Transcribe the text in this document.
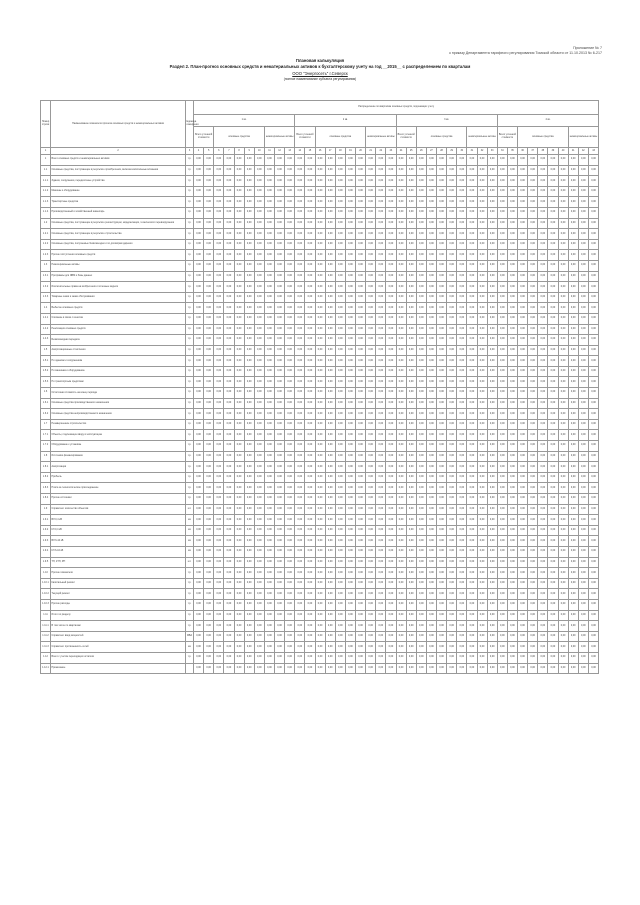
Приложение № 7
к приказу Департамента тарифного регулирования Томской области от 11.10.2013 № 6-217
Плановая калькуляция
Раздел 2. План-прогноз основных средств и нематериальных активов к бухгалтерскому учету на год __2015__ с распределением по кварталам
ООО "Энергосеть" г.Северск
(полное наименование субъекта регулирования)
Номер строки	Наименование показателя прогноза основных средств и нематериальных активов	Единица измерения	Распределение по кварталам основных средств, подлежащих учету																																							
			1 кв.										2 кв.										3 кв.										4 кв.									
			Всего учтенной стоимости		основные средства					нематериальные активы			Всего учтенной стоимости		основные средства					нематериальные активы			Всего учтенной стоимости		основные средства					нематериальные активы			Всего учтенной стоимости		основные средства					нематериальные активы		
1	2	3	4	5	6	7	8	9	10	11	12	13	14	15	16	17	18	19	20	21	22	23	24	25	26	27	28	29	30	31	32	33	34	35	36	37	38	39	40	41	42	43
1	Всего основных средств и нематериальных активов	т.р.	0,00	0,00	0,00	0,00	0,00	0,00	0,00	0,00	0,00	0,00	0,00	0,00	0,00	0,00	0,00	0,00	0,00	0,00	0,00	0,00	0,00	0,00	0,00	0,00	0,00	0,00	0,00	0,00	0,00	0,00	0,00	0,00	0,00	0,00	0,00	0,00	0,00	0,00	0,00	0,00
1.1	Основные средства, поступающие в результате приобретения, включая капитальные вложения	т.р.	0,00	0,00	0,00	0,00	0,00	0,00	0,00	0,00	0,00	0,00	0,00	0,00	0,00	0,00	0,00	0,00	0,00	0,00	0,00	0,00	0,00	0,00	0,00	0,00	0,00	0,00	0,00	0,00	0,00	0,00	0,00	0,00	0,00	0,00	0,00	0,00	0,00	0,00	0,00	0,00
1.1.1	Здания, сооружения, передаточные устройства	т.р.	0,00	0,00	0,00	0,00	0,00	0,00	0,00	0,00	0,00	0,00	0,00	0,00	0,00	0,00	0,00	0,00	0,00	0,00	0,00	0,00	0,00	0,00	0,00	0,00	0,00	0,00	0,00	0,00	0,00	0,00	0,00	0,00	0,00	0,00	0,00	0,00	0,00	0,00	0,00	0,00
1.1.2	Машины и оборудование	т.р.	0,00	0,00	0,00	0,00	0,00	0,00	0,00	0,00	0,00	0,00	0,00	0,00	0,00	0,00	0,00	0,00	0,00	0,00	0,00	0,00	0,00	0,00	0,00	0,00	0,00	0,00	0,00	0,00	0,00	0,00	0,00	0,00	0,00	0,00	0,00	0,00	0,00	0,00	0,00	0,00
1.1.3	Транспортные средства	т.р.	0,00	0,00	0,00	0,00	0,00	0,00	0,00	0,00	0,00	0,00	0,00	0,00	0,00	0,00	0,00	0,00	0,00	0,00	0,00	0,00	0,00	0,00	0,00	0,00	0,00	0,00	0,00	0,00	0,00	0,00	0,00	0,00	0,00	0,00	0,00	0,00	0,00	0,00	0,00	0,00
1.1.4	Производственный и хозяйственный инвентарь	т.р.	0,00	0,00	0,00	0,00	0,00	0,00	0,00	0,00	0,00	0,00	0,00	0,00	0,00	0,00	0,00	0,00	0,00	0,00	0,00	0,00	0,00	0,00	0,00	0,00	0,00	0,00	0,00	0,00	0,00	0,00	0,00	0,00	0,00	0,00	0,00	0,00	0,00	0,00	0,00	0,00
1.2	Основные средства, поступающие в результате реконструкции, модернизации, технического перевооружения	т.р.	0,00	0,00	0,00	0,00	0,00	0,00	0,00	0,00	0,00	0,00	0,00	0,00	0,00	0,00	0,00	0,00	0,00	0,00	0,00	0,00	0,00	0,00	0,00	0,00	0,00	0,00	0,00	0,00	0,00	0,00	0,00	0,00	0,00	0,00	0,00	0,00	0,00	0,00	0,00	0,00
1.2.1	Основные средства, поступающие в результате строительства	т.р.	0,00	0,00	0,00	0,00	0,00	0,00	0,00	0,00	0,00	0,00	0,00	0,00	0,00	0,00	0,00	0,00	0,00	0,00	0,00	0,00	0,00	0,00	0,00	0,00	0,00	0,00	0,00	0,00	0,00	0,00	0,00	0,00	0,00	0,00	0,00	0,00	0,00	0,00	0,00	0,00
1.2.2	Основные средства, получаемые безвозмездно и по договорам дарения	т.р.	0,00	0,00	0,00	0,00	0,00	0,00	0,00	0,00	0,00	0,00	0,00	0,00	0,00	0,00	0,00	0,00	0,00	0,00	0,00	0,00	0,00	0,00	0,00	0,00	0,00	0,00	0,00	0,00	0,00	0,00	0,00	0,00	0,00	0,00	0,00	0,00	0,00	0,00	0,00	0,00
1.2.3	Прочие поступления основных средств	т.р.	0,00	0,00	0,00	0,00	0,00	0,00	0,00	0,00	0,00	0,00	0,00	0,00	0,00	0,00	0,00	0,00	0,00	0,00	0,00	0,00	0,00	0,00	0,00	0,00	0,00	0,00	0,00	0,00	0,00	0,00	0,00	0,00	0,00	0,00	0,00	0,00	0,00	0,00	0,00	0,00
1.3	Нематериальные активы	т.р.	0,00	0,00	0,00	0,00	0,00	0,00	0,00	0,00	0,00	0,00	0,00	0,00	0,00	0,00	0,00	0,00	0,00	0,00	0,00	0,00	0,00	0,00	0,00	0,00	0,00	0,00	0,00	0,00	0,00	0,00	0,00	0,00	0,00	0,00	0,00	0,00	0,00	0,00	0,00	0,00
1.3.1	Программы для ЭВМ и базы данных	т.р.	0,00	0,00	0,00	0,00	0,00	0,00	0,00	0,00	0,00	0,00	0,00	0,00	0,00	0,00	0,00	0,00	0,00	0,00	0,00	0,00	0,00	0,00	0,00	0,00	0,00	0,00	0,00	0,00	0,00	0,00	0,00	0,00	0,00	0,00	0,00	0,00	0,00	0,00	0,00	0,00
1.3.2	Исключительные права на изобретения и полезные модели	т.р.	0,00	0,00	0,00	0,00	0,00	0,00	0,00	0,00	0,00	0,00	0,00	0,00	0,00	0,00	0,00	0,00	0,00	0,00	0,00	0,00	0,00	0,00	0,00	0,00	0,00	0,00	0,00	0,00	0,00	0,00	0,00	0,00	0,00	0,00	0,00	0,00	0,00	0,00	0,00	0,00
1.3.3	Товарные знаки и знаки обслуживания	т.р.	0,00	0,00	0,00	0,00	0,00	0,00	0,00	0,00	0,00	0,00	0,00	0,00	0,00	0,00	0,00	0,00	0,00	0,00	0,00	0,00	0,00	0,00	0,00	0,00	0,00	0,00	0,00	0,00	0,00	0,00	0,00	0,00	0,00	0,00	0,00	0,00	0,00	0,00	0,00	0,00
1.4	Выбытие основных средств	т.р.	0,00	0,00	0,00	0,00	0,00	0,00	0,00	0,00	0,00	0,00	0,00	0,00	0,00	0,00	0,00	0,00	0,00	0,00	0,00	0,00	0,00	0,00	0,00	0,00	0,00	0,00	0,00	0,00	0,00	0,00	0,00	0,00	0,00	0,00	0,00	0,00	0,00	0,00	0,00	0,00
1.4.1	Списание в связи с износом	т.р.	0,00	0,00	0,00	0,00	0,00	0,00	0,00	0,00	0,00	0,00	0,00	0,00	0,00	0,00	0,00	0,00	0,00	0,00	0,00	0,00	0,00	0,00	0,00	0,00	0,00	0,00	0,00	0,00	0,00	0,00	0,00	0,00	0,00	0,00	0,00	0,00	0,00	0,00	0,00	0,00
1.4.2	Реализация основных средств	т.р.	0,00	0,00	0,00	0,00	0,00	0,00	0,00	0,00	0,00	0,00	0,00	0,00	0,00	0,00	0,00	0,00	0,00	0,00	0,00	0,00	0,00	0,00	0,00	0,00	0,00	0,00	0,00	0,00	0,00	0,00	0,00	0,00	0,00	0,00	0,00	0,00	0,00	0,00	0,00	0,00
1.4.3	Безвозмездная передача	т.р.	0,00	0,00	0,00	0,00	0,00	0,00	0,00	0,00	0,00	0,00	0,00	0,00	0,00	0,00	0,00	0,00	0,00	0,00	0,00	0,00	0,00	0,00	0,00	0,00	0,00	0,00	0,00	0,00	0,00	0,00	0,00	0,00	0,00	0,00	0,00	0,00	0,00	0,00	0,00	0,00
1.5	Амортизационные отчисления	т.р.	0,00	0,00	0,00	0,00	0,00	0,00	0,00	0,00	0,00	0,00	0,00	0,00	0,00	0,00	0,00	0,00	0,00	0,00	0,00	0,00	0,00	0,00	0,00	0,00	0,00	0,00	0,00	0,00	0,00	0,00	0,00	0,00	0,00	0,00	0,00	0,00	0,00	0,00	0,00	0,00
1.5.1	По зданиям и сооружениям	т.р.	0,00	0,00	0,00	0,00	0,00	0,00	0,00	0,00	0,00	0,00	0,00	0,00	0,00	0,00	0,00	0,00	0,00	0,00	0,00	0,00	0,00	0,00	0,00	0,00	0,00	0,00	0,00	0,00	0,00	0,00	0,00	0,00	0,00	0,00	0,00	0,00	0,00	0,00	0,00	0,00
1.5.2	По машинам и оборудованию	т.р.	0,00	0,00	0,00	0,00	0,00	0,00	0,00	0,00	0,00	0,00	0,00	0,00	0,00	0,00	0,00	0,00	0,00	0,00	0,00	0,00	0,00	0,00	0,00	0,00	0,00	0,00	0,00	0,00	0,00	0,00	0,00	0,00	0,00	0,00	0,00	0,00	0,00	0,00	0,00	0,00
1.5.3	По транспортным средствам	т.р.	0,00	0,00	0,00	0,00	0,00	0,00	0,00	0,00	0,00	0,00	0,00	0,00	0,00	0,00	0,00	0,00	0,00	0,00	0,00	0,00	0,00	0,00	0,00	0,00	0,00	0,00	0,00	0,00	0,00	0,00	0,00	0,00	0,00	0,00	0,00	0,00	0,00	0,00	0,00	0,00
1.6	Остаточная стоимость на конец периода	т.р.	0,00	0,00	0,00	0,00	0,00	0,00	0,00	0,00	0,00	0,00	0,00	0,00	0,00	0,00	0,00	0,00	0,00	0,00	0,00	0,00	0,00	0,00	0,00	0,00	0,00	0,00	0,00	0,00	0,00	0,00	0,00	0,00	0,00	0,00	0,00	0,00	0,00	0,00	0,00	0,00
1.6.1	Основные средства производственного назначения	т.р.	0,00	0,00	0,00	0,00	0,00	0,00	0,00	0,00	0,00	0,00	0,00	0,00	0,00	0,00	0,00	0,00	0,00	0,00	0,00	0,00	0,00	0,00	0,00	0,00	0,00	0,00	0,00	0,00	0,00	0,00	0,00	0,00	0,00	0,00	0,00	0,00	0,00	0,00	0,00	0,00
1.6.2	Основные средства непроизводственного назначения	т.р.	0,00	0,00	0,00	0,00	0,00	0,00	0,00	0,00	0,00	0,00	0,00	0,00	0,00	0,00	0,00	0,00	0,00	0,00	0,00	0,00	0,00	0,00	0,00	0,00	0,00	0,00	0,00	0,00	0,00	0,00	0,00	0,00	0,00	0,00	0,00	0,00	0,00	0,00	0,00	0,00
1.7	Незавершенное строительство	т.р.	0,00	0,00	0,00	0,00	0,00	0,00	0,00	0,00	0,00	0,00	0,00	0,00	0,00	0,00	0,00	0,00	0,00	0,00	0,00	0,00	0,00	0,00	0,00	0,00	0,00	0,00	0,00	0,00	0,00	0,00	0,00	0,00	0,00	0,00	0,00	0,00	0,00	0,00	0,00	0,00
1.7.1	Объекты, подлежащие вводу в эксплуатацию	т.р.	0,00	0,00	0,00	0,00	0,00	0,00	0,00	0,00	0,00	0,00	0,00	0,00	0,00	0,00	0,00	0,00	0,00	0,00	0,00	0,00	0,00	0,00	0,00	0,00	0,00	0,00	0,00	0,00	0,00	0,00	0,00	0,00	0,00	0,00	0,00	0,00	0,00	0,00	0,00	0,00
1.7.2	Оборудование к установке	т.р.	0,00	0,00	0,00	0,00	0,00	0,00	0,00	0,00	0,00	0,00	0,00	0,00	0,00	0,00	0,00	0,00	0,00	0,00	0,00	0,00	0,00	0,00	0,00	0,00	0,00	0,00	0,00	0,00	0,00	0,00	0,00	0,00	0,00	0,00	0,00	0,00	0,00	0,00	0,00	0,00
1.8	Источники финансирования	т.р.	0,00	0,00	0,00	0,00	0,00	0,00	0,00	0,00	0,00	0,00	0,00	0,00	0,00	0,00	0,00	0,00	0,00	0,00	0,00	0,00	0,00	0,00	0,00	0,00	0,00	0,00	0,00	0,00	0,00	0,00	0,00	0,00	0,00	0,00	0,00	0,00	0,00	0,00	0,00	0,00
1.8.1	Амортизация	т.р.	0,00	0,00	0,00	0,00	0,00	0,00	0,00	0,00	0,00	0,00	0,00	0,00	0,00	0,00	0,00	0,00	0,00	0,00	0,00	0,00	0,00	0,00	0,00	0,00	0,00	0,00	0,00	0,00	0,00	0,00	0,00	0,00	0,00	0,00	0,00	0,00	0,00	0,00	0,00	0,00
1.8.2	Прибыль	т.р.	0,00	0,00	0,00	0,00	0,00	0,00	0,00	0,00	0,00	0,00	0,00	0,00	0,00	0,00	0,00	0,00	0,00	0,00	0,00	0,00	0,00	0,00	0,00	0,00	0,00	0,00	0,00	0,00	0,00	0,00	0,00	0,00	0,00	0,00	0,00	0,00	0,00	0,00	0,00	0,00
1.8.3	Плата за технологическое присоединение	т.р.	0,00	0,00	0,00	0,00	0,00	0,00	0,00	0,00	0,00	0,00	0,00	0,00	0,00	0,00	0,00	0,00	0,00	0,00	0,00	0,00	0,00	0,00	0,00	0,00	0,00	0,00	0,00	0,00	0,00	0,00	0,00	0,00	0,00	0,00	0,00	0,00	0,00	0,00	0,00	0,00
1.8.4	Прочие источники	т.р.	0,00	0,00	0,00	0,00	0,00	0,00	0,00	0,00	0,00	0,00	0,00	0,00	0,00	0,00	0,00	0,00	0,00	0,00	0,00	0,00	0,00	0,00	0,00	0,00	0,00	0,00	0,00	0,00	0,00	0,00	0,00	0,00	0,00	0,00	0,00	0,00	0,00	0,00	0,00	0,00
1.9	Справочно: количество объектов	шт.	0,00	0,00	0,00	0,00	0,00	0,00	0,00	0,00	0,00	0,00	0,00	0,00	0,00	0,00	0,00	0,00	0,00	0,00	0,00	0,00	0,00	0,00	0,00	0,00	0,00	0,00	0,00	0,00	0,00	0,00	0,00	0,00	0,00	0,00	0,00	0,00	0,00	0,00	0,00	0,00
1.9.1	ВЛ 0,4 кВ	км	0,00	0,00	0,00	0,00	0,00	0,00	0,00	0,00	0,00	0,00	0,00	0,00	0,00	0,00	0,00	0,00	0,00	0,00	0,00	0,00	0,00	0,00	0,00	0,00	0,00	0,00	0,00	0,00	0,00	0,00	0,00	0,00	0,00	0,00	0,00	0,00	0,00	0,00	0,00	0,00
1.9.2	КЛ 0,4 кВ	км	0,00	0,00	0,00	0,00	0,00	0,00	0,00	0,00	0,00	0,00	0,00	0,00	0,00	0,00	0,00	0,00	0,00	0,00	0,00	0,00	0,00	0,00	0,00	0,00	0,00	0,00	0,00	0,00	0,00	0,00	0,00	0,00	0,00	0,00	0,00	0,00	0,00	0,00	0,00	0,00
1.9.3	ВЛ 6-10 кВ	км	0,00	0,00	0,00	0,00	0,00	0,00	0,00	0,00	0,00	0,00	0,00	0,00	0,00	0,00	0,00	0,00	0,00	0,00	0,00	0,00	0,00	0,00	0,00	0,00	0,00	0,00	0,00	0,00	0,00	0,00	0,00	0,00	0,00	0,00	0,00	0,00	0,00	0,00	0,00	0,00
1.9.4	КЛ 6-10 кВ	км	0,00	0,00	0,00	0,00	0,00	0,00	0,00	0,00	0,00	0,00	0,00	0,00	0,00	0,00	0,00	0,00	0,00	0,00	0,00	0,00	0,00	0,00	0,00	0,00	0,00	0,00	0,00	0,00	0,00	0,00	0,00	0,00	0,00	0,00	0,00	0,00	0,00	0,00	0,00	0,00
1.9.5	ТП, КТП, РП	шт.	0,00	0,00	0,00	0,00	0,00	0,00	0,00	0,00	0,00	0,00	0,00	0,00	0,00	0,00	0,00	0,00	0,00	0,00	0,00	0,00	0,00	0,00	0,00	0,00	0,00	0,00	0,00	0,00	0,00	0,00	0,00	0,00	0,00	0,00	0,00	0,00	0,00	0,00	0,00	0,00
1.10	Прочие показатели	т.р.	0,00	0,00	0,00	0,00	0,00	0,00	0,00	0,00	0,00	0,00	0,00	0,00	0,00	0,00	0,00	0,00	0,00	0,00	0,00	0,00	0,00	0,00	0,00	0,00	0,00	0,00	0,00	0,00	0,00	0,00	0,00	0,00	0,00	0,00	0,00	0,00	0,00	0,00	0,00	0,00
1.10.1	Капитальный ремонт	т.р.	0,00	0,00	0,00	0,00	0,00	0,00	0,00	0,00	0,00	0,00	0,00	0,00	0,00	0,00	0,00	0,00	0,00	0,00	0,00	0,00	0,00	0,00	0,00	0,00	0,00	0,00	0,00	0,00	0,00	0,00	0,00	0,00	0,00	0,00	0,00	0,00	0,00	0,00	0,00	0,00
1.10.2	Текущий ремонт	т.р.	0,00	0,00	0,00	0,00	0,00	0,00	0,00	0,00	0,00	0,00	0,00	0,00	0,00	0,00	0,00	0,00	0,00	0,00	0,00	0,00	0,00	0,00	0,00	0,00	0,00	0,00	0,00	0,00	0,00	0,00	0,00	0,00	0,00	0,00	0,00	0,00	0,00	0,00	0,00	0,00
1.10.3	Прочие расходы	т.р.	0,00	0,00	0,00	0,00	0,00	0,00	0,00	0,00	0,00	0,00	0,00	0,00	0,00	0,00	0,00	0,00	0,00	0,00	0,00	0,00	0,00	0,00	0,00	0,00	0,00	0,00	0,00	0,00	0,00	0,00	0,00	0,00	0,00	0,00	0,00	0,00	0,00	0,00	0,00	0,00
1.11	Итого по разделу	т.р.	0,00	0,00	0,00	0,00	0,00	0,00	0,00	0,00	0,00	0,00	0,00	0,00	0,00	0,00	0,00	0,00	0,00	0,00	0,00	0,00	0,00	0,00	0,00	0,00	0,00	0,00	0,00	0,00	0,00	0,00	0,00	0,00	0,00	0,00	0,00	0,00	0,00	0,00	0,00	0,00
1.11.1	В том числе по кварталам	т.р.	0,00	0,00	0,00	0,00	0,00	0,00	0,00	0,00	0,00	0,00	0,00	0,00	0,00	0,00	0,00	0,00	0,00	0,00	0,00	0,00	0,00	0,00	0,00	0,00	0,00	0,00	0,00	0,00	0,00	0,00	0,00	0,00	0,00	0,00	0,00	0,00	0,00	0,00	0,00	0,00
1.11.2	Справочно: ввод мощностей	МВА	0,00	0,00	0,00	0,00	0,00	0,00	0,00	0,00	0,00	0,00	0,00	0,00	0,00	0,00	0,00	0,00	0,00	0,00	0,00	0,00	0,00	0,00	0,00	0,00	0,00	0,00	0,00	0,00	0,00	0,00	0,00	0,00	0,00	0,00	0,00	0,00	0,00	0,00	0,00	0,00
1.11.3	Справочно: протяженность сетей	км	0,00	0,00	0,00	0,00	0,00	0,00	0,00	0,00	0,00	0,00	0,00	0,00	0,00	0,00	0,00	0,00	0,00	0,00	0,00	0,00	0,00	0,00	0,00	0,00	0,00	0,00	0,00	0,00	0,00	0,00	0,00	0,00	0,00	0,00	0,00	0,00	0,00	0,00	0,00	0,00
1.12	Всего с учетом переходящих остатков	т.р.	0,00	0,00	0,00	0,00	0,00	0,00	0,00	0,00	0,00	0,00	0,00	0,00	0,00	0,00	0,00	0,00	0,00	0,00	0,00	0,00	0,00	0,00	0,00	0,00	0,00	0,00	0,00	0,00	0,00	0,00	0,00	0,00	0,00	0,00	0,00	0,00	0,00	0,00	0,00	0,00
1.12.1	Примечание		0,00	0,00	0,00	0,00	0,00	0,00	0,00	0,00	0,00	0,00	0,00	0,00	0,00	0,00	0,00	0,00	0,00	0,00	0,00	0,00	0,00	0,00	0,00	0,00	0,00	0,00	0,00	0,00	0,00	0,00	0,00	0,00	0,00	0,00	0,00	0,00	0,00	0,00	0,00	0,00
